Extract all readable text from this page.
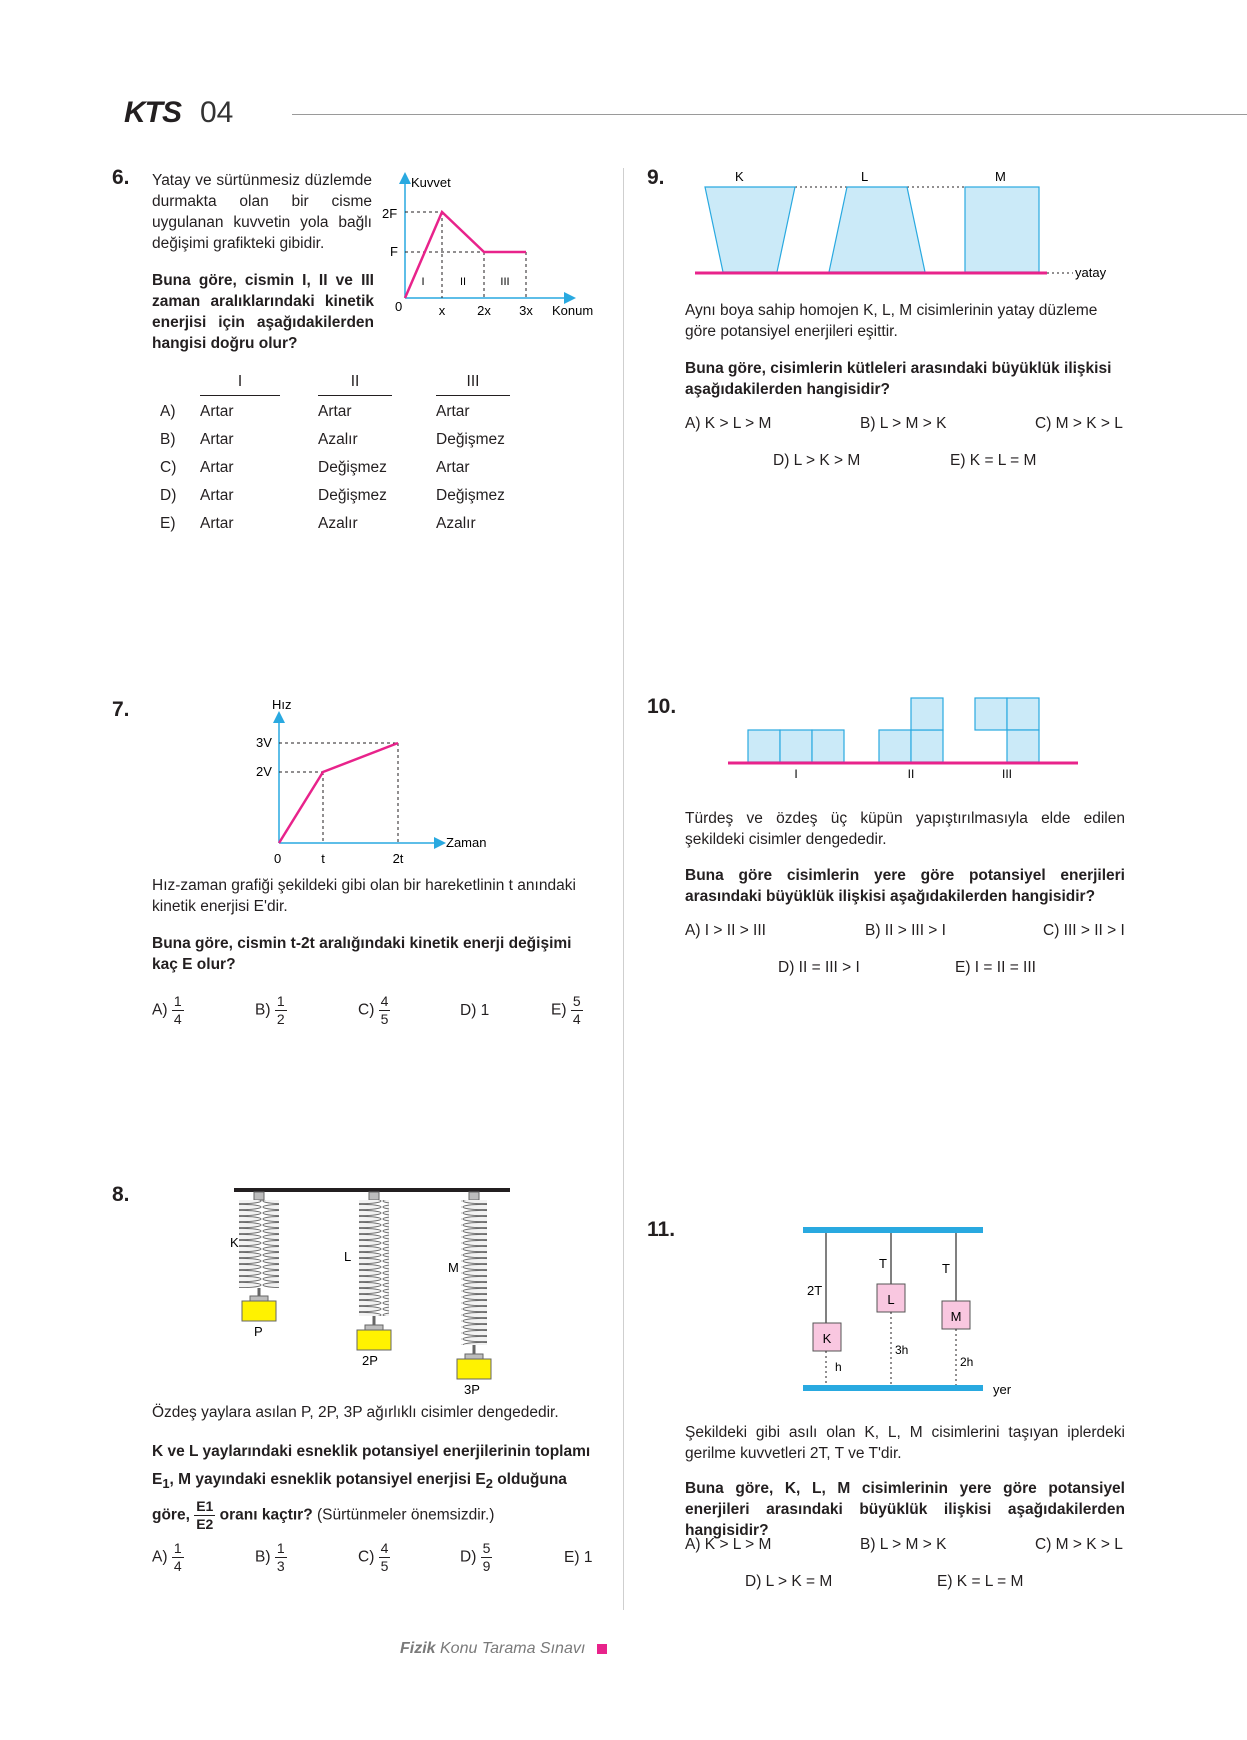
KTS 04
6. Yatay ve sürtünmesiz düzlemde durmakta olan bir cisme uygulanan kuvvetin yola bağlı değişimi grafikteki gibidir.
Buna göre, cismin I, II ve III zaman aralıklarındaki kinetik enerjisi için aşağıdakilerden hangisi doğru olur?
Kuvvet
Konum
2F
F
0	x 2x 3x
I	II	III

	I	II	III

A)	Artar	Artar	Artar
B)	Artar	Azalır	Değişmez
C)	Artar	Değişmez	Artar
D)	Artar	Değişmez	Değişmez
E)	Artar	Azalır	Azalır
7.	Hız
Zaman
3V
2V
0	t	2t
Hız-zaman grafiği şekildeki gibi olan bir hareketlinin t anındaki kinetik enerjisi E'dir.
Buna göre, cismin t-2t aralığındaki kinetik enerji değişimi kaç E olur?
$A) \frac{1}{4}$	$B) \frac{1}{2}$	$C) \frac{4}{5}$	D) 1	$E) \frac{5}{4}$
8.
K
P
L
2P
M
3P
Özdeş yaylara asılan P, 2P, 3P ağırlıklı cisimler dengededir.
K ve L yaylarındaki esneklik potansiyel enerjilerinin toplamı $E_1$, M yayındaki esneklik potansiyel enerjisi $E_2$ olduğuna
göre, $\frac{E1}{E2}$ oranı kaçtır? (Sürtünmeler önemsizdir.)
$A) \frac{1}{4}$	$B) \frac{1}{3}$	$C) \frac{4}{5}$	$D) \frac{5}{9}$	E) 1
9.	K	L	M
yatay
Aynı boya sahip homojen K, L, M cisimlerinin yatay düzleme göre potansiyel enerjileri eşittir.
Buna göre, cisimlerin kütleleri arasındaki büyüklük ilişkisi aşağıdakilerden hangisidir?
A) K > L > M	B) L > M > K	C) M > K > L
D) L > K > M	E) K = L = M
10.
I	II	III
Türdeş ve özdeş üç küpün yapıştırılmasıyla elde edilen şekildeki cisimler dengededir.
Buna göre cisimlerin yere göre potansiyel enerjileri arasındaki büyüklük ilişkisi aşağıdakilerden hangisidir?
A) I > II > III	B) II > III > I	C) III > II > I
D) II = III > I	E) I = II = III
11.
K
2T
h
L
T
3h
M
T
2h
yer
Şekildeki gibi asılı olan K, L, M cisimlerini taşıyan iplerdeki gerilme kuvvetleri 2T, T ve T'dir.
Buna göre, K, L, M cisimlerinin yere göre potansiyel enerjileri arasındaki büyüklük ilişkisi aşağıdakilerden hangisidir?
A) K > L > M	B) L > M > K	C) M > K > L
D) L > K = M	E) K = L = M
Fizik Konu Tarama Sınavı
